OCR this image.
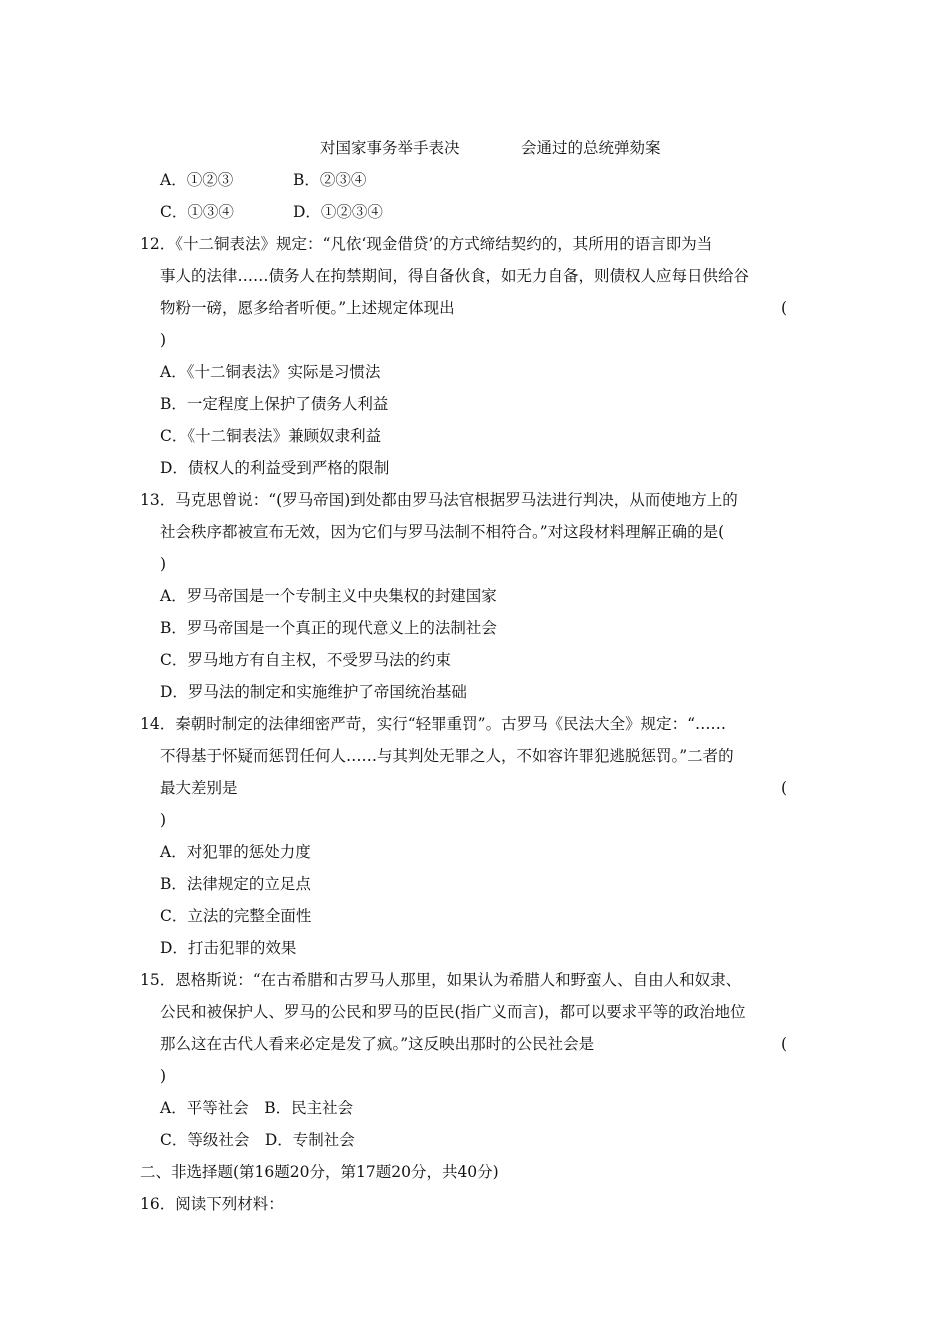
对国家事务举手表决	会通过的总统弹劾案
A．①②③	B．②③④
C．①③④	D．①②③④
12．《十二铜表法》规定：“凡依‘现金借贷’的方式缔结契约的，其所用的语言即为当
事人的法律……债务人在拘禁期间，得自备伙食，如无力自备，则债权人应每日供给谷
物粉一磅，愿多给者听便。”上述规定体现出	(
)
A．《十二铜表法》实际是习惯法
B．一定程度上保护了债务人利益
C．《十二铜表法》兼顾奴隶利益
D．债权人的利益受到严格的限制
13．马克思曾说：“(罗马帝国)到处都由罗马法官根据罗马法进行判决，从而使地方上的
社会秩序都被宣布无效，因为它们与罗马法制不相符合。”对这段材料理解正确的是(
)
A．罗马帝国是一个专制主义中央集权的封建国家
B．罗马帝国是一个真正的现代意义上的法制社会
C．罗马地方有自主权，不受罗马法的约束
D．罗马法的制定和实施维护了帝国统治基础
14．秦朝时制定的法律细密严苛，实行“轻罪重罚”。古罗马《民法大全》规定：“……
不得基于怀疑而惩罚任何人……与其判处无罪之人，不如容许罪犯逃脱惩罚。”二者的
最大差别是	(
)
A．对犯罪的惩处力度
B．法律规定的立足点
C．立法的完整全面性
D．打击犯罪的效果
15．恩格斯说：“在古希腊和古罗马人那里，如果认为希腊人和野蛮人、自由人和奴隶、
公民和被保护人、罗马的公民和罗马的臣民(指广义而言)，都可以要求平等的政治地位
那么这在古代人看来必定是发了疯。”这反映出那时的公民社会是	(
)
A．平等社会　B．民主社会
C．等级社会　D．专制社会
二、非选择题(第16题20分，第17题20分，共40分)
16．阅读下列材料：
